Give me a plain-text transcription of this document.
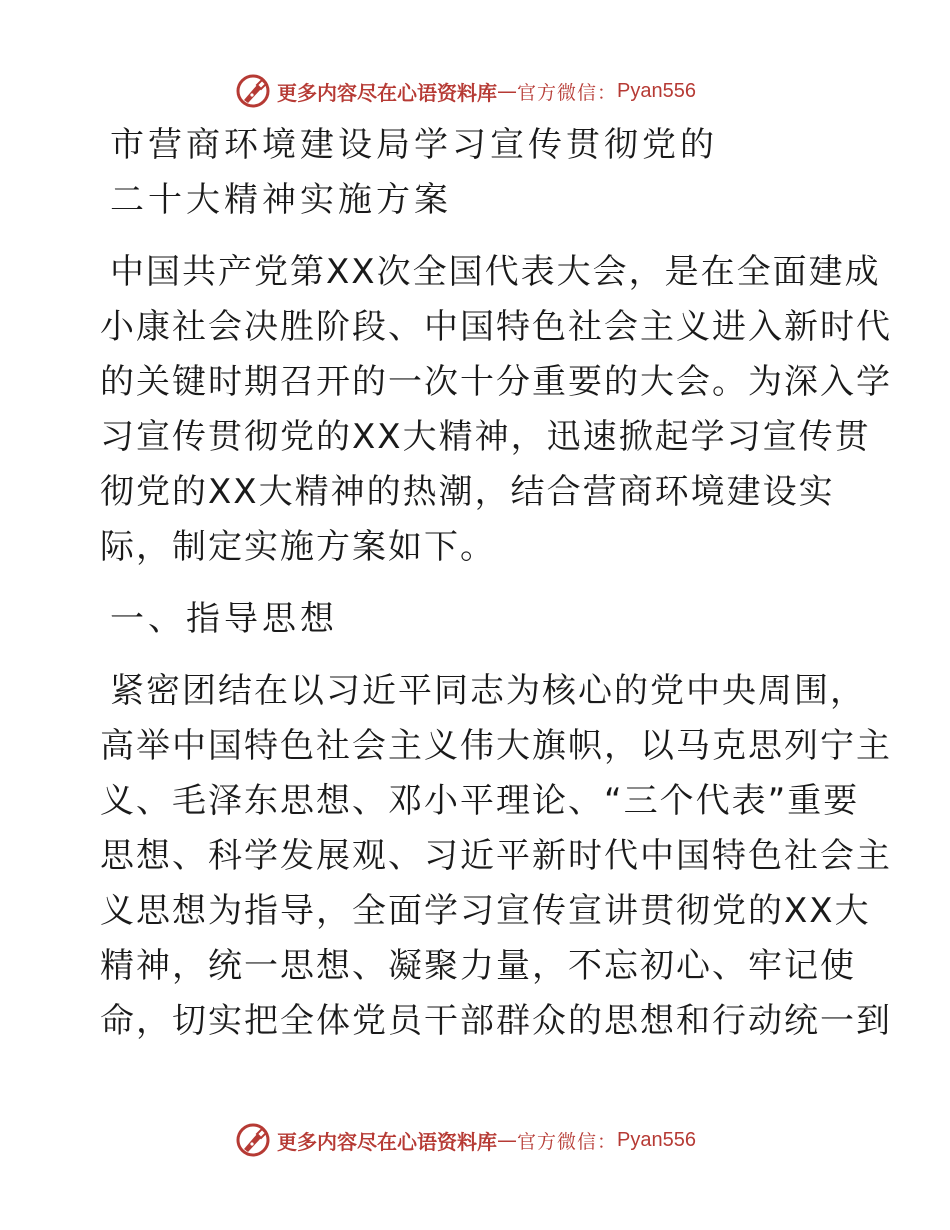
更多内容尽在心语资料库 — 官方微信： Pyan556
市营商环境建设局学习宣传贯彻党的
二十大精神实施方案
中国共产党第XX次全国代表大会，是在全面建成
小康社会决胜阶段、中国特色社会主义进入新时代
的关键时期召开的一次十分重要的大会。为深入学
习宣传贯彻党的XX大精神，迅速掀起学习宣传贯
彻党的XX大精神的热潮，结合营商环境建设实
际，制定实施方案如下。
一、指导思想
紧密团结在以习近平同志为核心的党中央周围，
高举中国特色社会主义伟大旗帜，以马克思列宁主
义、毛泽东思想、邓小平理论、“三个代表”重要
思想、科学发展观、习近平新时代中国特色社会主
义思想为指导，全面学习宣传宣讲贯彻党的XX大
精神，统一思想、凝聚力量，不忘初心、牢记使
命，切实把全体党员干部群众的思想和行动统一到
更多内容尽在心语资料库 — 官方微信： Pyan556
